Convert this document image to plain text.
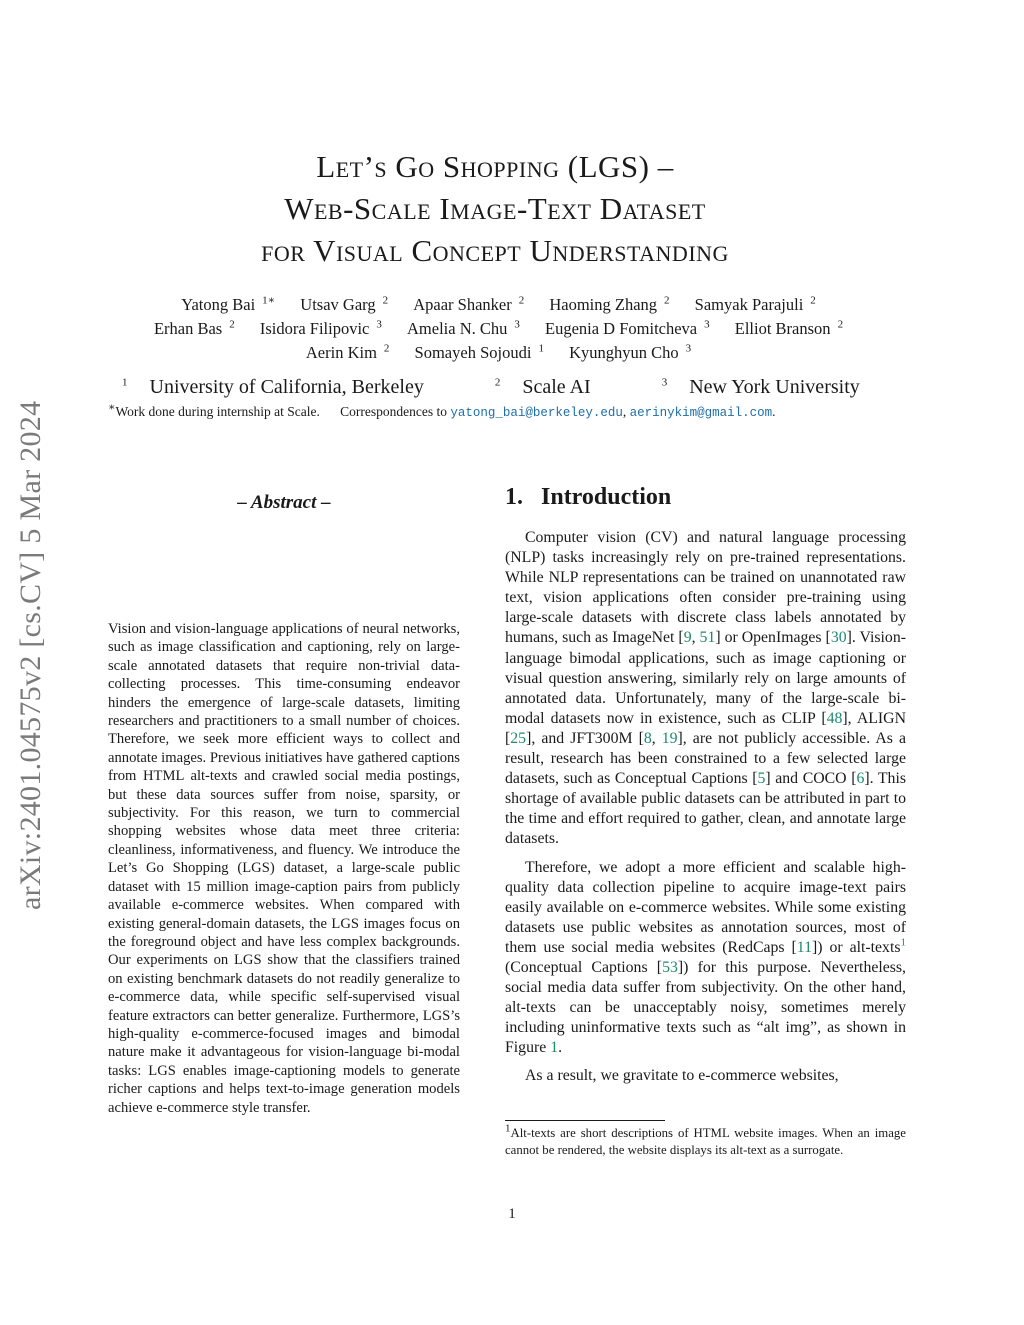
arXiv:2401.04575v2 [cs.CV] 5 Mar 2024
Let’s Go Shopping (LGS) –
Web-Scale Image-Text Dataset
for Visual Concept Understanding
Yatong Bai $^{1∗}$ Utsav Garg $^2$ Apaar Shanker $^2$ Haoming Zhang $^2$ Samyak Parajuli $^2$
Erhan Bas $^2$ Isidora Filipovic $^3$ Amelia N. Chu $^3$ Eugenia D Fomitcheva $^3$ Elliot Branson $^2$
Aerin Kim $^2$ Somayeh Sojoudi $^1$ Kyunghyun Cho $^3$
$^1$ University of California, Berkeley	$^2$ Scale AI	$^3$ New York University
∗Work done during internship at Scale. Correspondences to yatong_bai@berkeley.edu, aerinykim@gmail.com.
– Abstract –
Vision and vision-language applications of neural networks, such as image classification and captioning, rely on large-scale annotated datasets that require non-trivial data-collecting processes. This time-consuming endeavor hinders the emergence of large-scale datasets, limiting researchers and practitioners to a small number of choices. Therefore, we seek more efficient ways to collect and annotate images. Previous initiatives have gathered captions from HTML alt-texts and crawled social media postings, but these data sources suffer from noise, sparsity, or subjectivity. For this reason, we turn to commercial shopping websites whose data meet three criteria: cleanliness, informativeness, and fluency. We introduce the Let’s Go Shopping (LGS) dataset, a large-scale public dataset with 15 million image-caption pairs from publicly available e-commerce websites. When compared with existing general-domain datasets, the LGS images focus on the foreground object and have less complex backgrounds. Our experiments on LGS show that the classifiers trained on existing benchmark datasets do not readily generalize to e-commerce data, while specific self-supervised visual feature extractors can better generalize. Furthermore, LGS’s high-quality e-commerce-focused images and bimodal nature make it advantageous for vision-language bi-modal tasks: LGS enables image-captioning models to generate richer captions and helps text-to-image generation models achieve e-commerce style transfer.
1. Introduction

Computer vision (CV) and natural language processing (NLP) tasks increasingly rely on pre-trained representations. While NLP representations can be trained on unannotated raw text, vision applications often consider pre-training using large-scale datasets with discrete class labels annotated by humans, such as ImageNet [9, 51] or OpenImages [30]. Vision-language bimodal applications, such as image captioning or visual question answering, similarly rely on large amounts of annotated data. Unfortunately, many of the large-scale bi-modal datasets now in existence, such as CLIP [48], ALIGN [25], and JFT300M [8, 19], are not publicly accessible. As a result, research has been constrained to a few selected large datasets, such as Conceptual Captions [5] and COCO [6]. This shortage of available public datasets can be attributed in part to the time and effort required to gather, clean, and annotate large datasets.

Therefore, we adopt a more efficient and scalable high-quality data collection pipeline to acquire image-text pairs easily available on e-commerce websites. While some existing datasets use public websites as annotation sources, most of them use social media websites (RedCaps [11]) or alt-texts$^1$ (Conceptual Captions [53]) for this purpose. Nevertheless, social media data suffer from subjectivity. On the other hand, alt-texts can be unacceptably noisy, sometimes merely including uninformative texts such as “alt img”, as shown in Figure 1.

As a result, we gravitate to e-commerce websites,

$^1$Alt-texts are short descriptions of HTML website images. When an image cannot be rendered, the website displays its alt-text as a surrogate.
1
